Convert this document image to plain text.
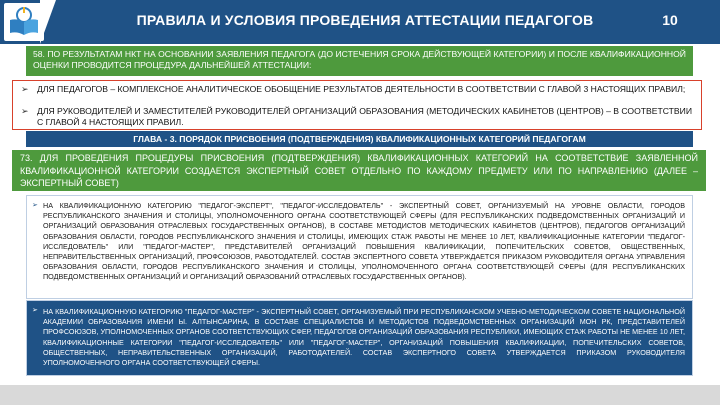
ПРАВИЛА И УСЛОВИЯ ПРОВЕДЕНИЯ АТТЕСТАЦИИ ПЕДАГОГОВ	10
58. ПО РЕЗУЛЬТАТАМ НКТ НА ОСНОВАНИИ ЗАЯВЛЕНИЯ ПЕДАГОГА (ДО ИСТЕЧЕНИЯ СРОКА ДЕЙСТВУЮЩЕЙ КАТЕГОРИИ) И ПОСЛЕ КВАЛИФИКАЦИОННОЙ ОЦЕНКИ ПРОВОДИТСЯ ПРОЦЕДУРА ДАЛЬНЕЙШЕЙ АТТЕСТАЦИИ:
➢ ДЛЯ ПЕДАГОГОВ – КОМПЛЕКСНОЕ АНАЛИТИЧЕСКОЕ ОБОБЩЕНИЕ РЕЗУЛЬТАТОВ ДЕЯТЕЛЬНОСТИ В СООТВЕТСТВИИ С ГЛАВОЙ 3 НАСТОЯЩИХ ПРАВИЛ;
➢ ДЛЯ РУКОВОДИТЕЛЕЙ И ЗАМЕСТИТЕЛЕЙ РУКОВОДИТЕЛЕЙ ОРГАНИЗАЦИЙ ОБРАЗОВАНИЯ (МЕТОДИЧЕСКИХ КАБИНЕТОВ (ЦЕНТРОВ) – В СООТВЕТСТВИИ С ГЛАВОЙ 4 НАСТОЯЩИХ ПРАВИЛ.
ГЛАВА - 3. ПОРЯДОК ПРИСВОЕНИЯ (ПОДТВЕРЖДЕНИЯ) КВАЛИФИКАЦИОННЫХ КАТЕГОРИЙ ПЕДАГОГАМ
73. ДЛЯ ПРОВЕДЕНИЯ ПРОЦЕДУРЫ ПРИСВОЕНИЯ (ПОДТВЕРЖДЕНИЯ) КВАЛИФИКАЦИОННЫХ КАТЕГОРИЙ НА СООТВЕТСТВИЕ ЗАЯВЛЕННОЙ КВАЛИФИКАЦИОННОЙ КАТЕГОРИИ СОЗДАЕТСЯ ЭКСПЕРТНЫЙ СОВЕТ ОТДЕЛЬНО ПО КАЖДОМУ ПРЕДМЕТУ ИЛИ ПО НАПРАВЛЕНИЮ (ДАЛЕЕ – ЭКСПЕРТНЫЙ СОВЕТ)
➢ НА КВАЛИФИКАЦИОННУЮ КАТЕГОРИЮ "ПЕДАГОГ-ЭКСПЕРТ", "ПЕДАГОГ-ИССЛЕДОВАТЕЛЬ" - ЭКСПЕРТНЫЙ СОВЕТ, ОРГАНИЗУЕМЫЙ НА УРОВНЕ ОБЛАСТИ, ГОРОДОВ РЕСПУБЛИКАНСКОГО ЗНАЧЕНИЯ И СТОЛИЦЫ, УПОЛНОМОЧЕННОГО ОРГАНА СООТВЕТСТВУЮЩЕЙ СФЕРЫ (ДЛЯ РЕСПУБЛИКАНСКИХ ПОДВЕДОМСТВЕННЫХ ОРГАНИЗАЦИЙ И ОРГАНИЗАЦИЙ ОБРАЗОВАНИЯ ОТРАСЛЕВЫХ ГОСУДАРСТВЕННЫХ ОРГАНОВ), В СОСТАВЕ МЕТОДИСТОВ МЕТОДИЧЕСКИХ КАБИНЕТОВ (ЦЕНТРОВ), ПЕДАГОГОВ ОРГАНИЗАЦИЙ ОБРАЗОВАНИЯ ОБЛАСТИ, ГОРОДОВ РЕСПУБЛИКАНСКОГО ЗНАЧЕНИЯ И СТОЛИЦЫ, ИМЕЮЩИХ СТАЖ РАБОТЫ НЕ МЕНЕЕ 10 ЛЕТ, КВАЛИФИКАЦИОННЫЕ КАТЕГОРИИ "ПЕДАГОГ-ИССЛЕДОВАТЕЛЬ" ИЛИ "ПЕДАГОГ-МАСТЕР", ПРЕДСТАВИТЕЛЕЙ ОРГАНИЗАЦИЙ ПОВЫШЕНИЯ КВАЛИФИКАЦИИ, ПОПЕЧИТЕЛЬСКИХ СОВЕТОВ, ОБЩЕСТВЕННЫХ, НЕПРАВИТЕЛЬСТВЕННЫХ ОРГАНИЗАЦИЙ, ПРОФСОЮЗОВ, РАБОТОДАТЕЛЕЙ. СОСТАВ ЭКСПЕРТНОГО СОВЕТА УТВЕРЖДАЕТСЯ ПРИКАЗОМ РУКОВОДИТЕЛЯ ОРГАНА УПРАВЛЕНИЯ ОБРАЗОВАНИЯ ОБЛАСТИ, ГОРОДОВ РЕСПУБЛИКАНСКОГО ЗНАЧЕНИЯ И СТОЛИЦЫ, УПОЛНОМОЧЕННОГО ОРГАНА СООТВЕТСТВУЮЩЕЙ СФЕРЫ (ДЛЯ РЕСПУБЛИКАНСКИХ ПОДВЕДОМСТВЕННЫХ ОРГАНИЗАЦИЙ И ОРГАНИЗАЦИЙ ОБРАЗОВАНИЙ ОТРАСЛЕВЫХ ГОСУДАРСТВЕННЫХ ОРГАНОВ).
➢ НА КВАЛИФИКАЦИОННУЮ КАТЕГОРИЮ "ПЕДАГОГ-МАСТЕР" - ЭКСПЕРТНЫЙ СОВЕТ, ОРГАНИЗУЕМЫЙ ПРИ РЕСПУБЛИКАНСКОМ УЧЕБНО-МЕТОДИЧЕСКОМ СОВЕТЕ НАЦИОНАЛЬНОЙ АКАДЕМИИ ОБРАЗОВАНИЯ ИМЕНИ Ы. АЛТЫНСАРИНА, В СОСТАВЕ СПЕЦИАЛИСТОВ И МЕТОДИСТОВ ПОДВЕДОМСТВЕННЫХ ОРГАНИЗАЦИЙ МОН РК, ПРЕДСТАВИТЕЛЕЙ ПРОФСОЮЗОВ, УПОЛНОМОЧЕННЫХ ОРГАНОВ СООТВЕТСТВУЮЩИХ СФЕР, ПЕДАГОГОВ ОРГАНИЗАЦИЙ ОБРАЗОВАНИЯ РЕСПУБЛИКИ, ИМЕЮЩИХ СТАЖ РАБОТЫ НЕ МЕНЕЕ 10 ЛЕТ, КВАЛИФИКАЦИОННЫЕ КАТЕГОРИИ "ПЕДАГОГ-ИССЛЕДОВАТЕЛЬ" ИЛИ "ПЕДАГОГ-МАСТЕР", ОРГАНИЗАЦИЙ ПОВЫШЕНИЯ КВАЛИФИКАЦИИ, ПОПЕЧИТЕЛЬСКИХ СОВЕТОВ, ОБЩЕСТВЕННЫХ, НЕПРАВИТЕЛЬСТВЕННЫХ ОРГАНИЗАЦИЙ, РАБОТОДАТЕЛЕЙ. СОСТАВ ЭКСПЕРТНОГО СОВЕТА УТВЕРЖДАЕТСЯ ПРИКАЗОМ РУКОВОДИТЕЛЯ УПОЛНОМОЧЕННОГО ОРГАНА СООТВЕТСТВУЮЩЕЙ СФЕРЫ.
